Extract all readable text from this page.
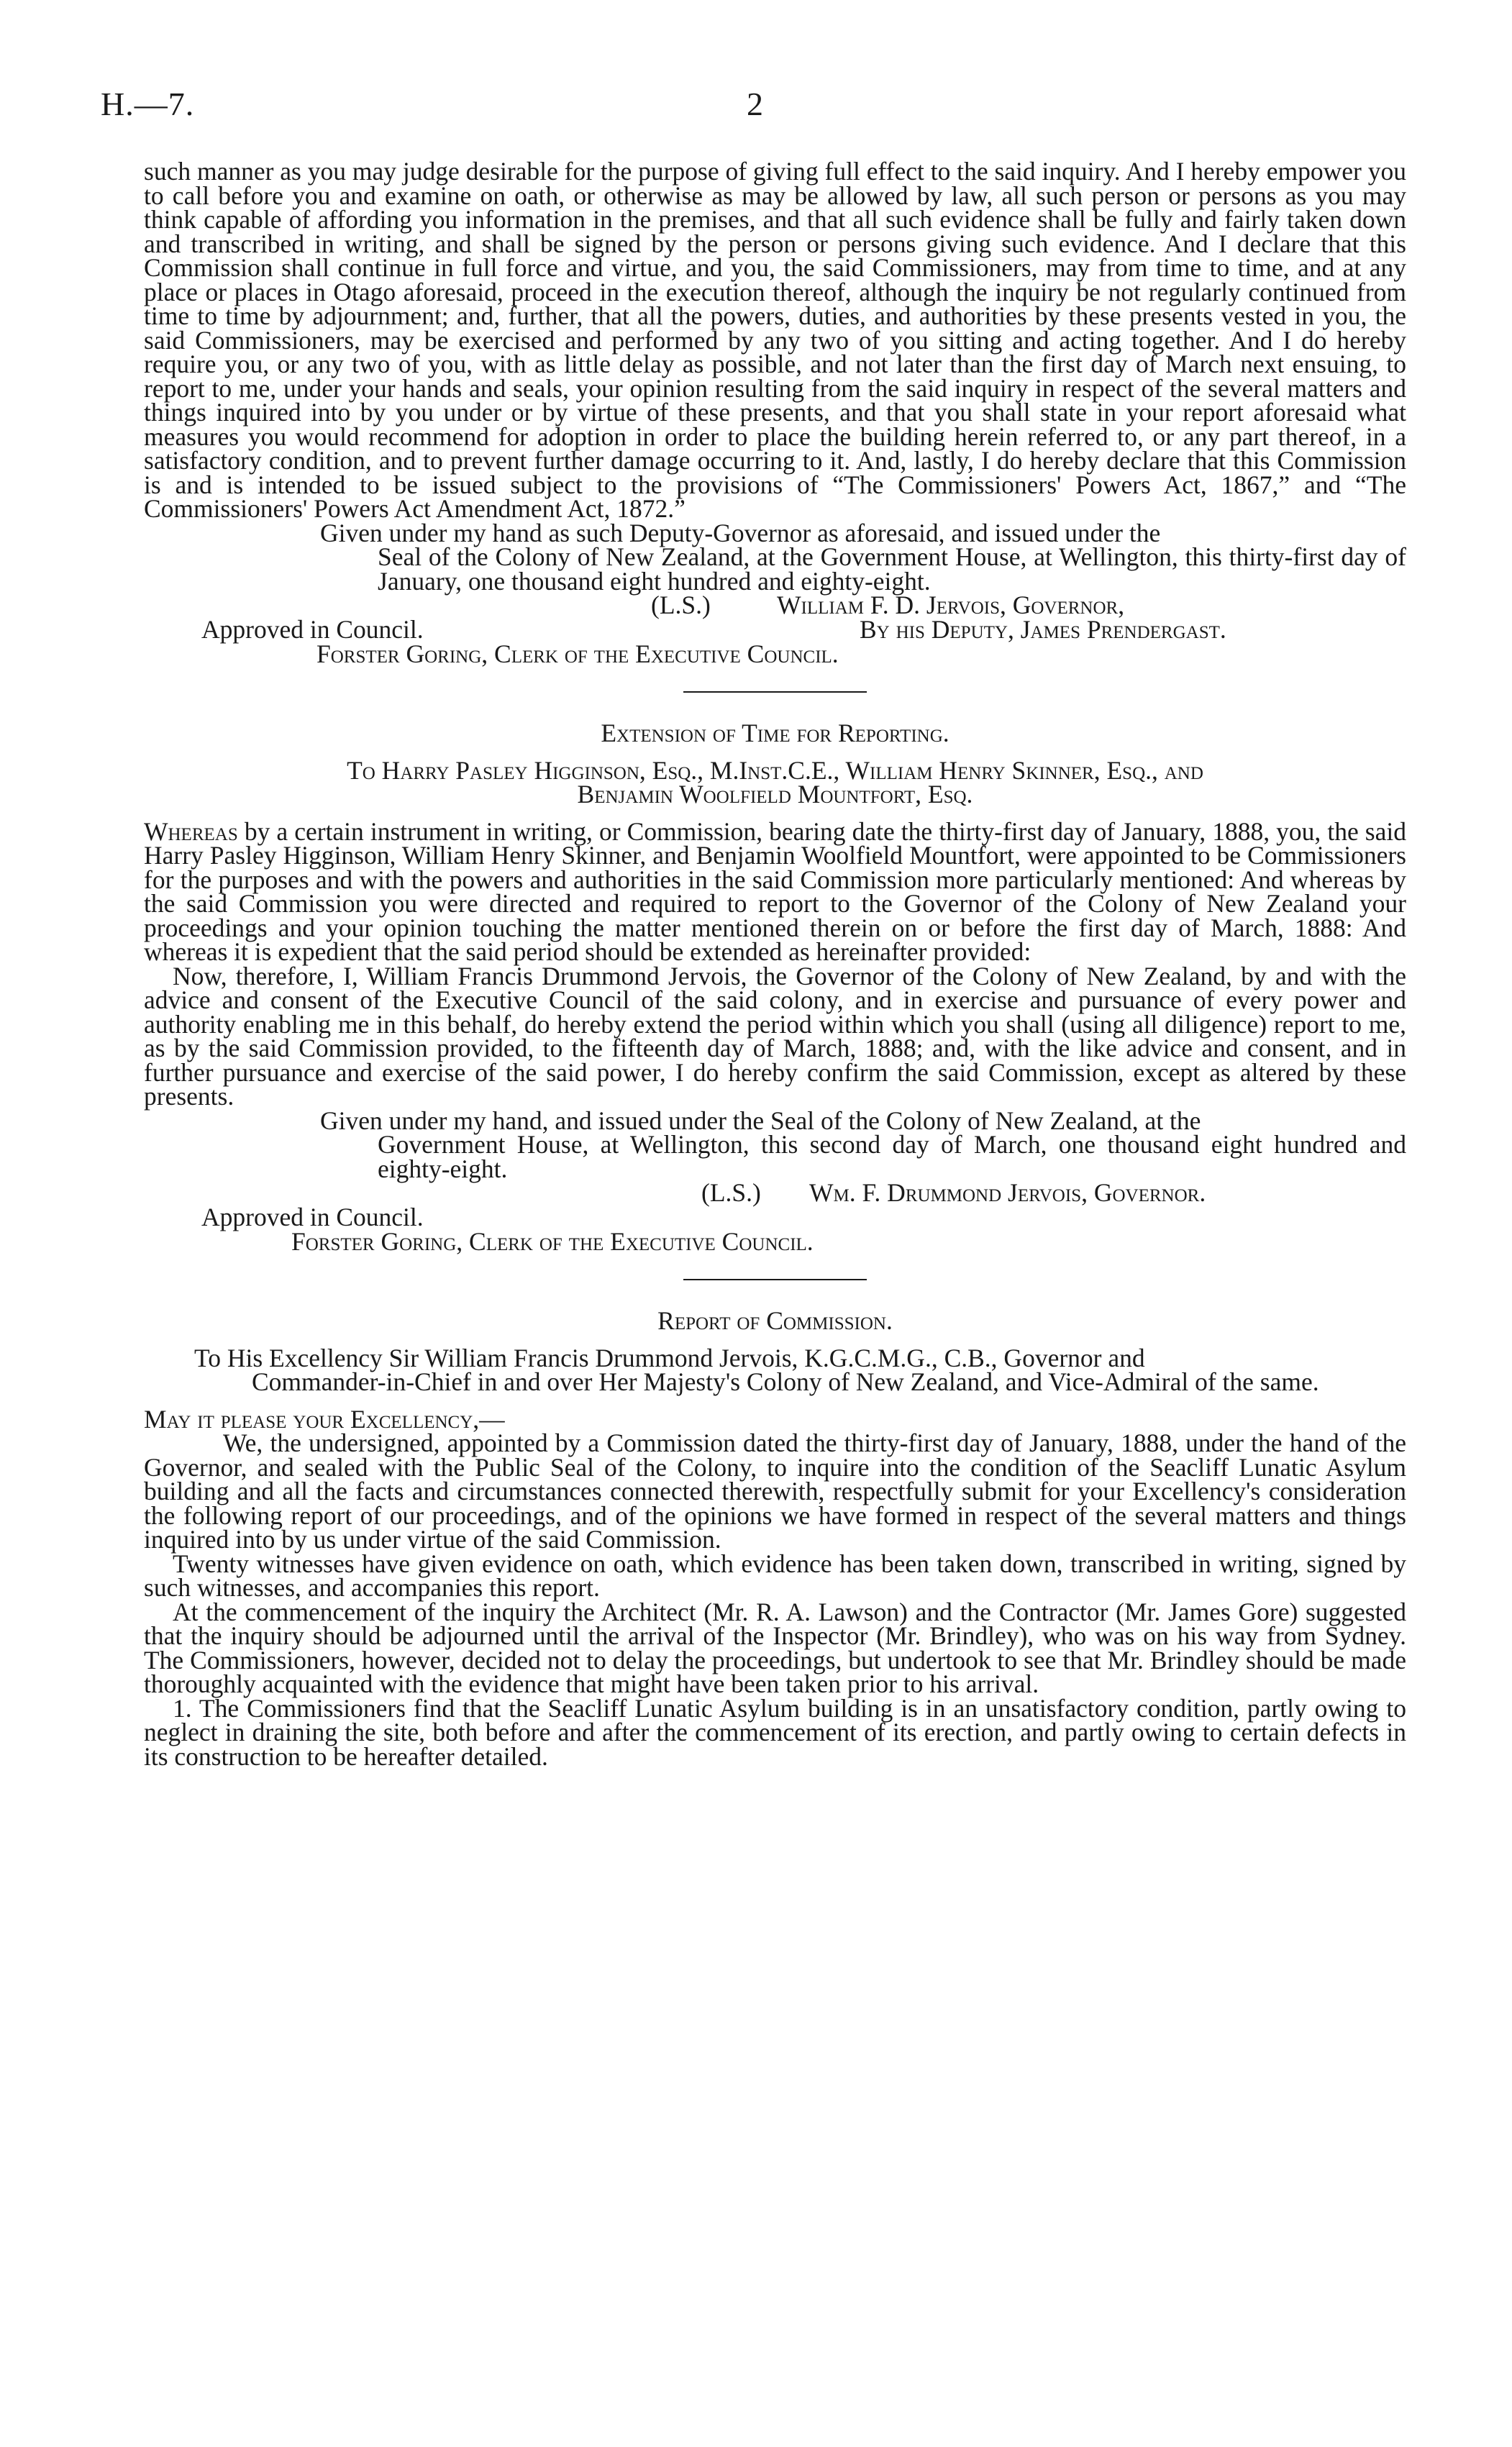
H.—7.	2

such manner as you may judge desirable for the purpose of giving full effect to the said inquiry. And I hereby empower you to call before you and examine on oath, or otherwise as may be allowed by law, all such person or persons as you may think capable of affording you information in the premises, and that all such evidence shall be fully and fairly taken down and transcribed in writing, and shall be signed by the person or persons giving such evidence. And I declare that this Commission shall continue in full force and virtue, and you, the said Commissioners, may from time to time, and at any place or places in Otago aforesaid, proceed in the execution thereof, although the inquiry be not regularly continued from time to time by adjournment; and, further, that all the powers, duties, and authorities by these presents vested in you, the said Commissioners, may be exercised and performed by any two of you sitting and acting together. And I do hereby require you, or any two of you, with as little delay as possible, and not later than the first day of March next ensuing, to report to me, under your hands and seals, your opinion resulting from the said inquiry in respect of the several matters and things inquired into by you under or by virtue of these presents, and that you shall state in your report aforesaid what measures you would recommend for adoption in order to place the building herein referred to, or any part thereof, in a satisfactory condition, and to prevent further damage occurring to it. And, lastly, I do hereby declare that this Commission is and is intended to be issued subject to the provisions of “The Commissioners' Powers Act, 1867,” and “The Commissioners' Powers Act Amendment Act, 1872.”

Given under my hand as such Deputy-Governor as aforesaid, and issued under the
Seal of the Colony of New Zealand, at the Government House, at Wellington, this thirty-first day of January, one thousand eight hundred and eighty-eight.

(L.S.)	William F. D. Jervois, Governor,
Approved in Council.	By his Deputy, James Prendergast.
Forster Goring, Clerk of the Executive Council.

Extension of Time for Reporting.

To Harry Pasley Higginson, Esq., M.Inst.C.E., William Henry Skinner, Esq., and
Benjamin Woolfield Mountfort, Esq.

Whereas by a certain instrument in writing, or Commission, bearing date the thirty-first day of January, 1888, you, the said Harry Pasley Higginson, William Henry Skinner, and Benjamin Woolfield Mountfort, were appointed to be Commissioners for the purposes and with the powers and authorities in the said Commission more particularly mentioned: And whereas by the said Commission you were directed and required to report to the Governor of the Colony of New Zealand your proceedings and your opinion touching the matter mentioned therein on or before the first day of March, 1888: And whereas it is expedient that the said period should be extended as hereinafter provided:

Now, therefore, I, William Francis Drummond Jervois, the Governor of the Colony of New Zealand, by and with the advice and consent of the Executive Council of the said colony, and in exercise and pursuance of every power and authority enabling me in this behalf, do hereby extend the period within which you shall (using all diligence) report to me, as by the said Commission provided, to the fifteenth day of March, 1888; and, with the like advice and consent, and in further pursuance and exercise of the said power, I do hereby confirm the said Commission, except as altered by these presents.

Given under my hand, and issued under the Seal of the Colony of New Zealand, at the
Government House, at Wellington, this second day of March, one thousand eight hundred and eighty-eight.

(L.S.) Wm. F. Drummond Jervois, Governor.
Approved in Council.
Forster Goring, Clerk of the Executive Council.

Report of Commission.

To His Excellency Sir William Francis Drummond Jervois, K.G.C.M.G., C.B., Governor and
Commander-in-Chief in and over Her Majesty's Colony of New Zealand, and Vice-Admiral of the same.

May it please your Excellency,—

We, the undersigned, appointed by a Commission dated the thirty-first day of January, 1888, under the hand of the Governor, and sealed with the Public Seal of the Colony, to inquire into the condition of the Seacliff Lunatic Asylum building and all the facts and circumstances connected therewith, respectfully submit for your Excellency's consideration the following report of our proceedings, and of the opinions we have formed in respect of the several matters and things inquired into by us under virtue of the said Commission.

Twenty witnesses have given evidence on oath, which evidence has been taken down, transcribed in writing, signed by such witnesses, and accompanies this report.

At the commencement of the inquiry the Architect (Mr. R. A. Lawson) and the Contractor (Mr. James Gore) suggested that the inquiry should be adjourned until the arrival of the Inspector (Mr. Brindley), who was on his way from Sydney. The Commissioners, however, decided not to delay the proceedings, but undertook to see that Mr. Brindley should be made thoroughly acquainted with the evidence that might have been taken prior to his arrival.

1. The Commissioners find that the Seacliff Lunatic Asylum building is in an unsatisfactory condition, partly owing to neglect in draining the site, both before and after the commencement of its erection, and partly owing to certain defects in its construction to be hereafter detailed.
